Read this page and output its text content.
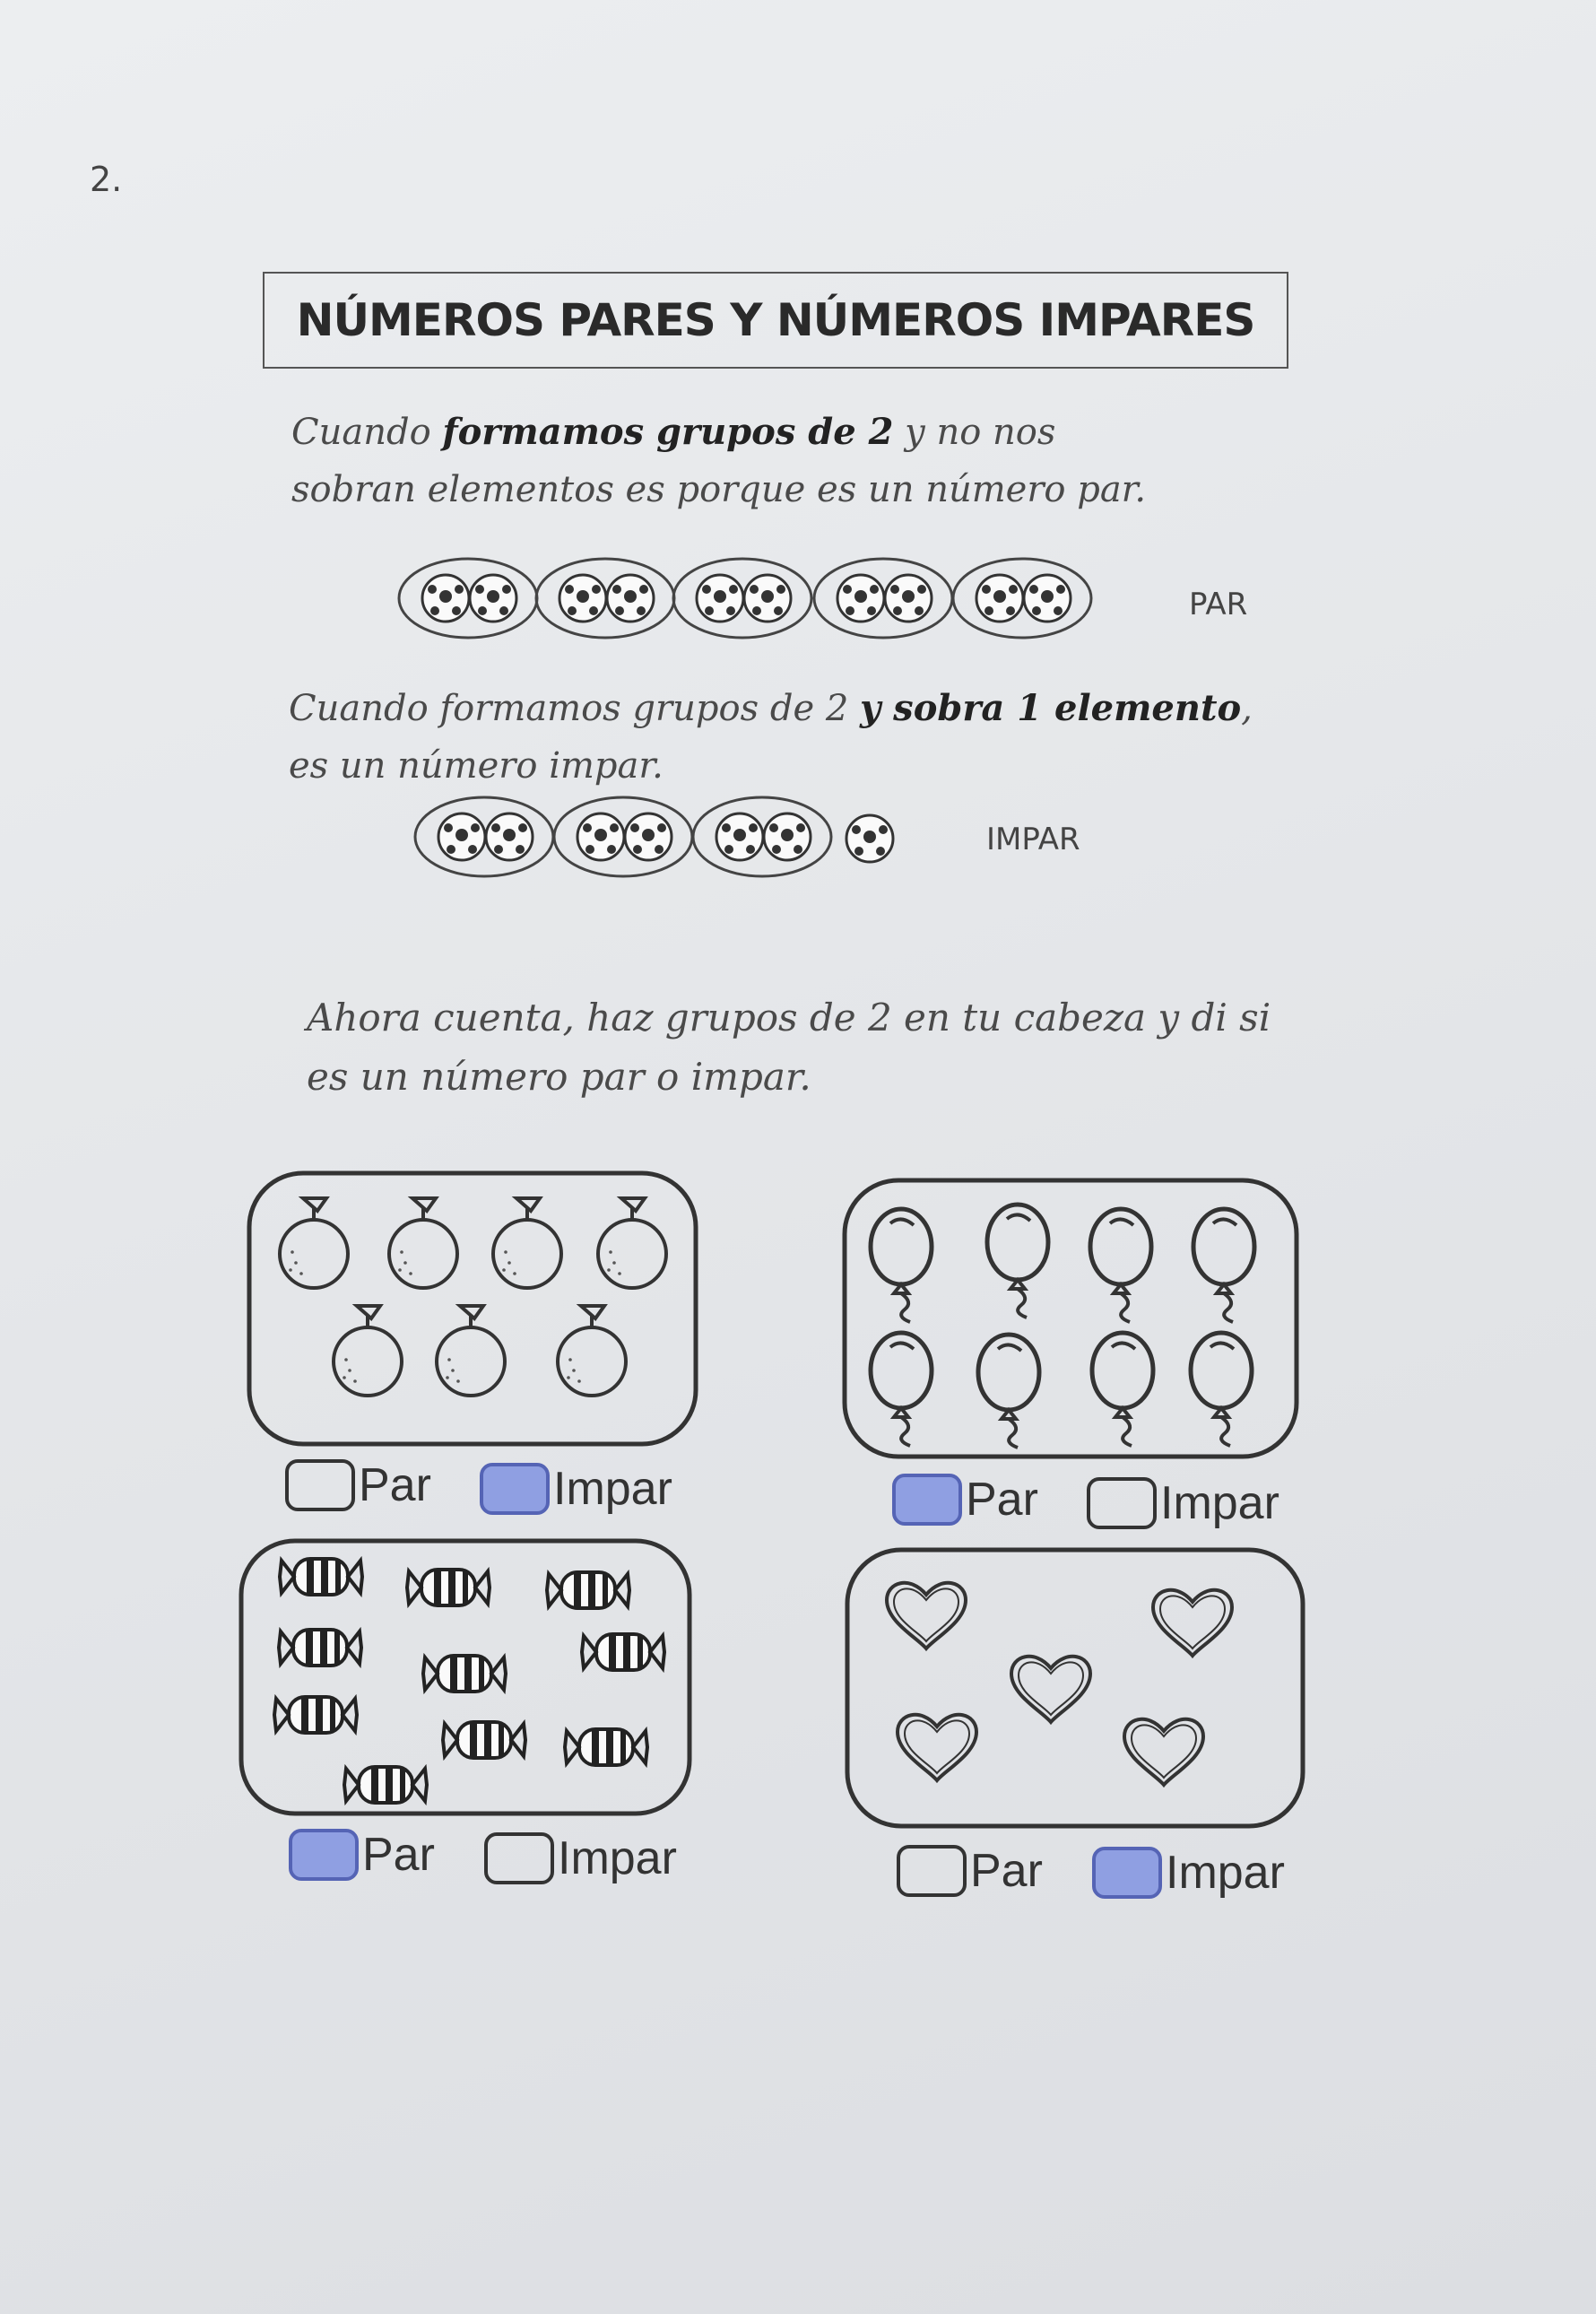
2.
NÚMEROS PARES Y NÚMEROS IMPARES
Cuando formamos grupos de 2 y no nos sobran elementos es porque es un número par.
PAR
Cuando formamos grupos de 2 y sobra 1 elemento, es un número impar.
IMPAR
Ahora cuenta, haz grupos de 2 en tu cabeza y di si es un número par o impar.
Par	Impar	Par	Impar
Par	Impar	Par	Impar
